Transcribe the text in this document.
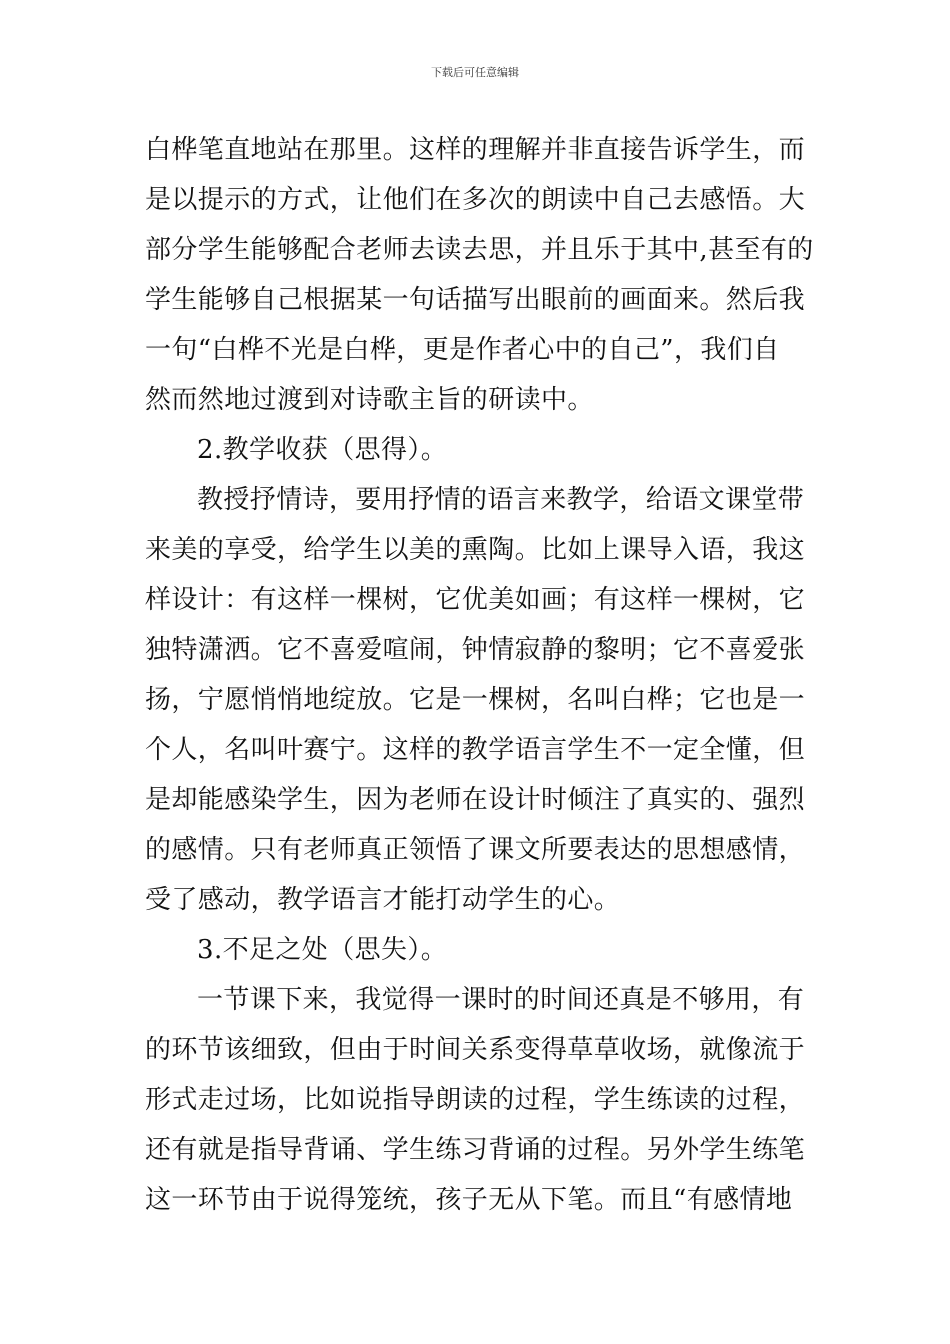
下载后可任意编辑
白桦笔直地站在那里。这样的理解并非直接告诉学生，而
是以提示的方式，让他们在多次的朗读中自己去感悟。大
部分学生能够配合老师去读去思，并且乐于其中,甚至有的
学生能够自己根据某一句话描写出眼前的画面来。然后我
一句“白桦不光是白桦，更是作者心中的自己”，我们自
然而然地过渡到对诗歌主旨的研读中。
2.教学收获（思得）。
教授抒情诗，要用抒情的语言来教学，给语文课堂带
来美的享受，给学生以美的熏陶。比如上课导入语，我这
样设计：有这样一棵树，它优美如画；有这样一棵树，它
独特潇洒。它不喜爱喧闹，钟情寂静的黎明；它不喜爱张
扬，宁愿悄悄地绽放。它是一棵树，名叫白桦；它也是一
个人，名叫叶赛宁。这样的教学语言学生不一定全懂，但
是却能感染学生，因为老师在设计时倾注了真实的、强烈
的感情。只有老师真正领悟了课文所要表达的思想感情，
受了感动，教学语言才能打动学生的心。
3.不足之处（思失）。
一节课下来，我觉得一课时的时间还真是不够用，有
的环节该细致，但由于时间关系变得草草收场，就像流于
形式走过场，比如说指导朗读的过程，学生练读的过程，
还有就是指导背诵、学生练习背诵的过程。另外学生练笔
这一环节由于说得笼统，孩子无从下笔。而且“有感情地
